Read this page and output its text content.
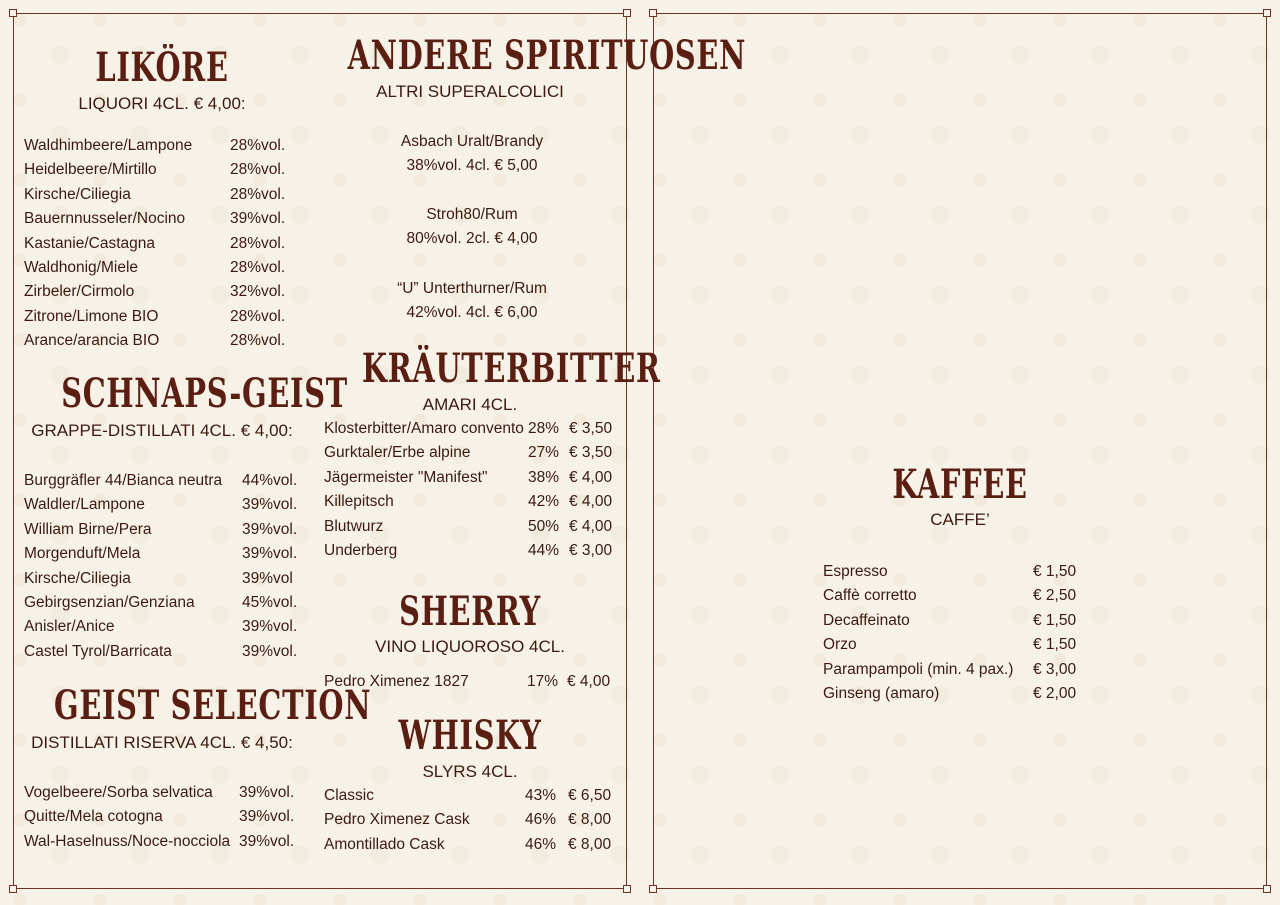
LIKÖRE
LIQUORI 4CL. € 4,00:
Waldhimbeere/Lampone 28%vol.
Heidelbeere/Mirtillo	28%vol.
Kirsche/Ciliegia	28%vol.
Bauernnusseler/Nocino	39%vol.
Kastanie/Castagna	28%vol.
Waldhonig/Miele	28%vol.
Zirbeler/Cirmolo	32%vol.
Zitrone/Limone BIO	28%vol.
Arance/arancia BIO	28%vol.
SCHNAPS-GEIST
GRAPPE-DISTILLATI 4CL. € 4,00:
Burggräfler 44/Bianca neutra 44%vol.
Waldler/Lampone	39%vol.
William Birne/Pera	39%vol.
Morgenduft/Mela	39%vol.
Kirsche/Ciliegia	39%vol
Gebirgsenzian/Genziana	45%vol.
Anisler/Anice	39%vol.
Castel Tyrol/Barricata	39%vol.
GEIST SELECTION
DISTILLATI RISERVA 4CL. € 4,50:
Vogelbeere/Sorba selvatica 39%vol.
Quitte/Mela cotogna	39%vol.
Wal-Haselnuss/Noce-nocciola 39%vol.
ANDERE SPIRITUOSEN
ALTRI SUPERALCOLICI
Asbach Uralt/Brandy
38%vol. 4cl. € 5,00
Stroh80/Rum
80%vol. 2cl. € 4,00
“U” Unterthurner/Rum
42%vol. 4cl. € 6,00
KRÄUTERBITTER
AMARI 4CL.
Klosterbitter/Amaro convento 28% € 3,50
Gurktaler/Erbe alpine	27% € 3,50
Jägermeister "Manifest"	38% € 4,00
Killepitsch	42% € 4,00
Blutwurz	50% € 4,00
Underberg	44% € 3,00
SHERRY
VINO LIQUOROSO 4CL.
Pedro Ximenez 1827	17% € 4,00
WHISKY
SLYRS 4CL.
Classic	43% € 6,50
Pedro Ximenez Cask	46% € 8,00
Amontillado Cask	46% € 8,00
KAFFEE
CAFFE’
Espresso	€ 1,50
Caffè corretto	€ 2,50
Decaffeinato	€ 1,50
Orzo	€ 1,50
Parampampoli (min. 4 pax.) € 3,00
Ginseng (amaro)	€ 2,00
